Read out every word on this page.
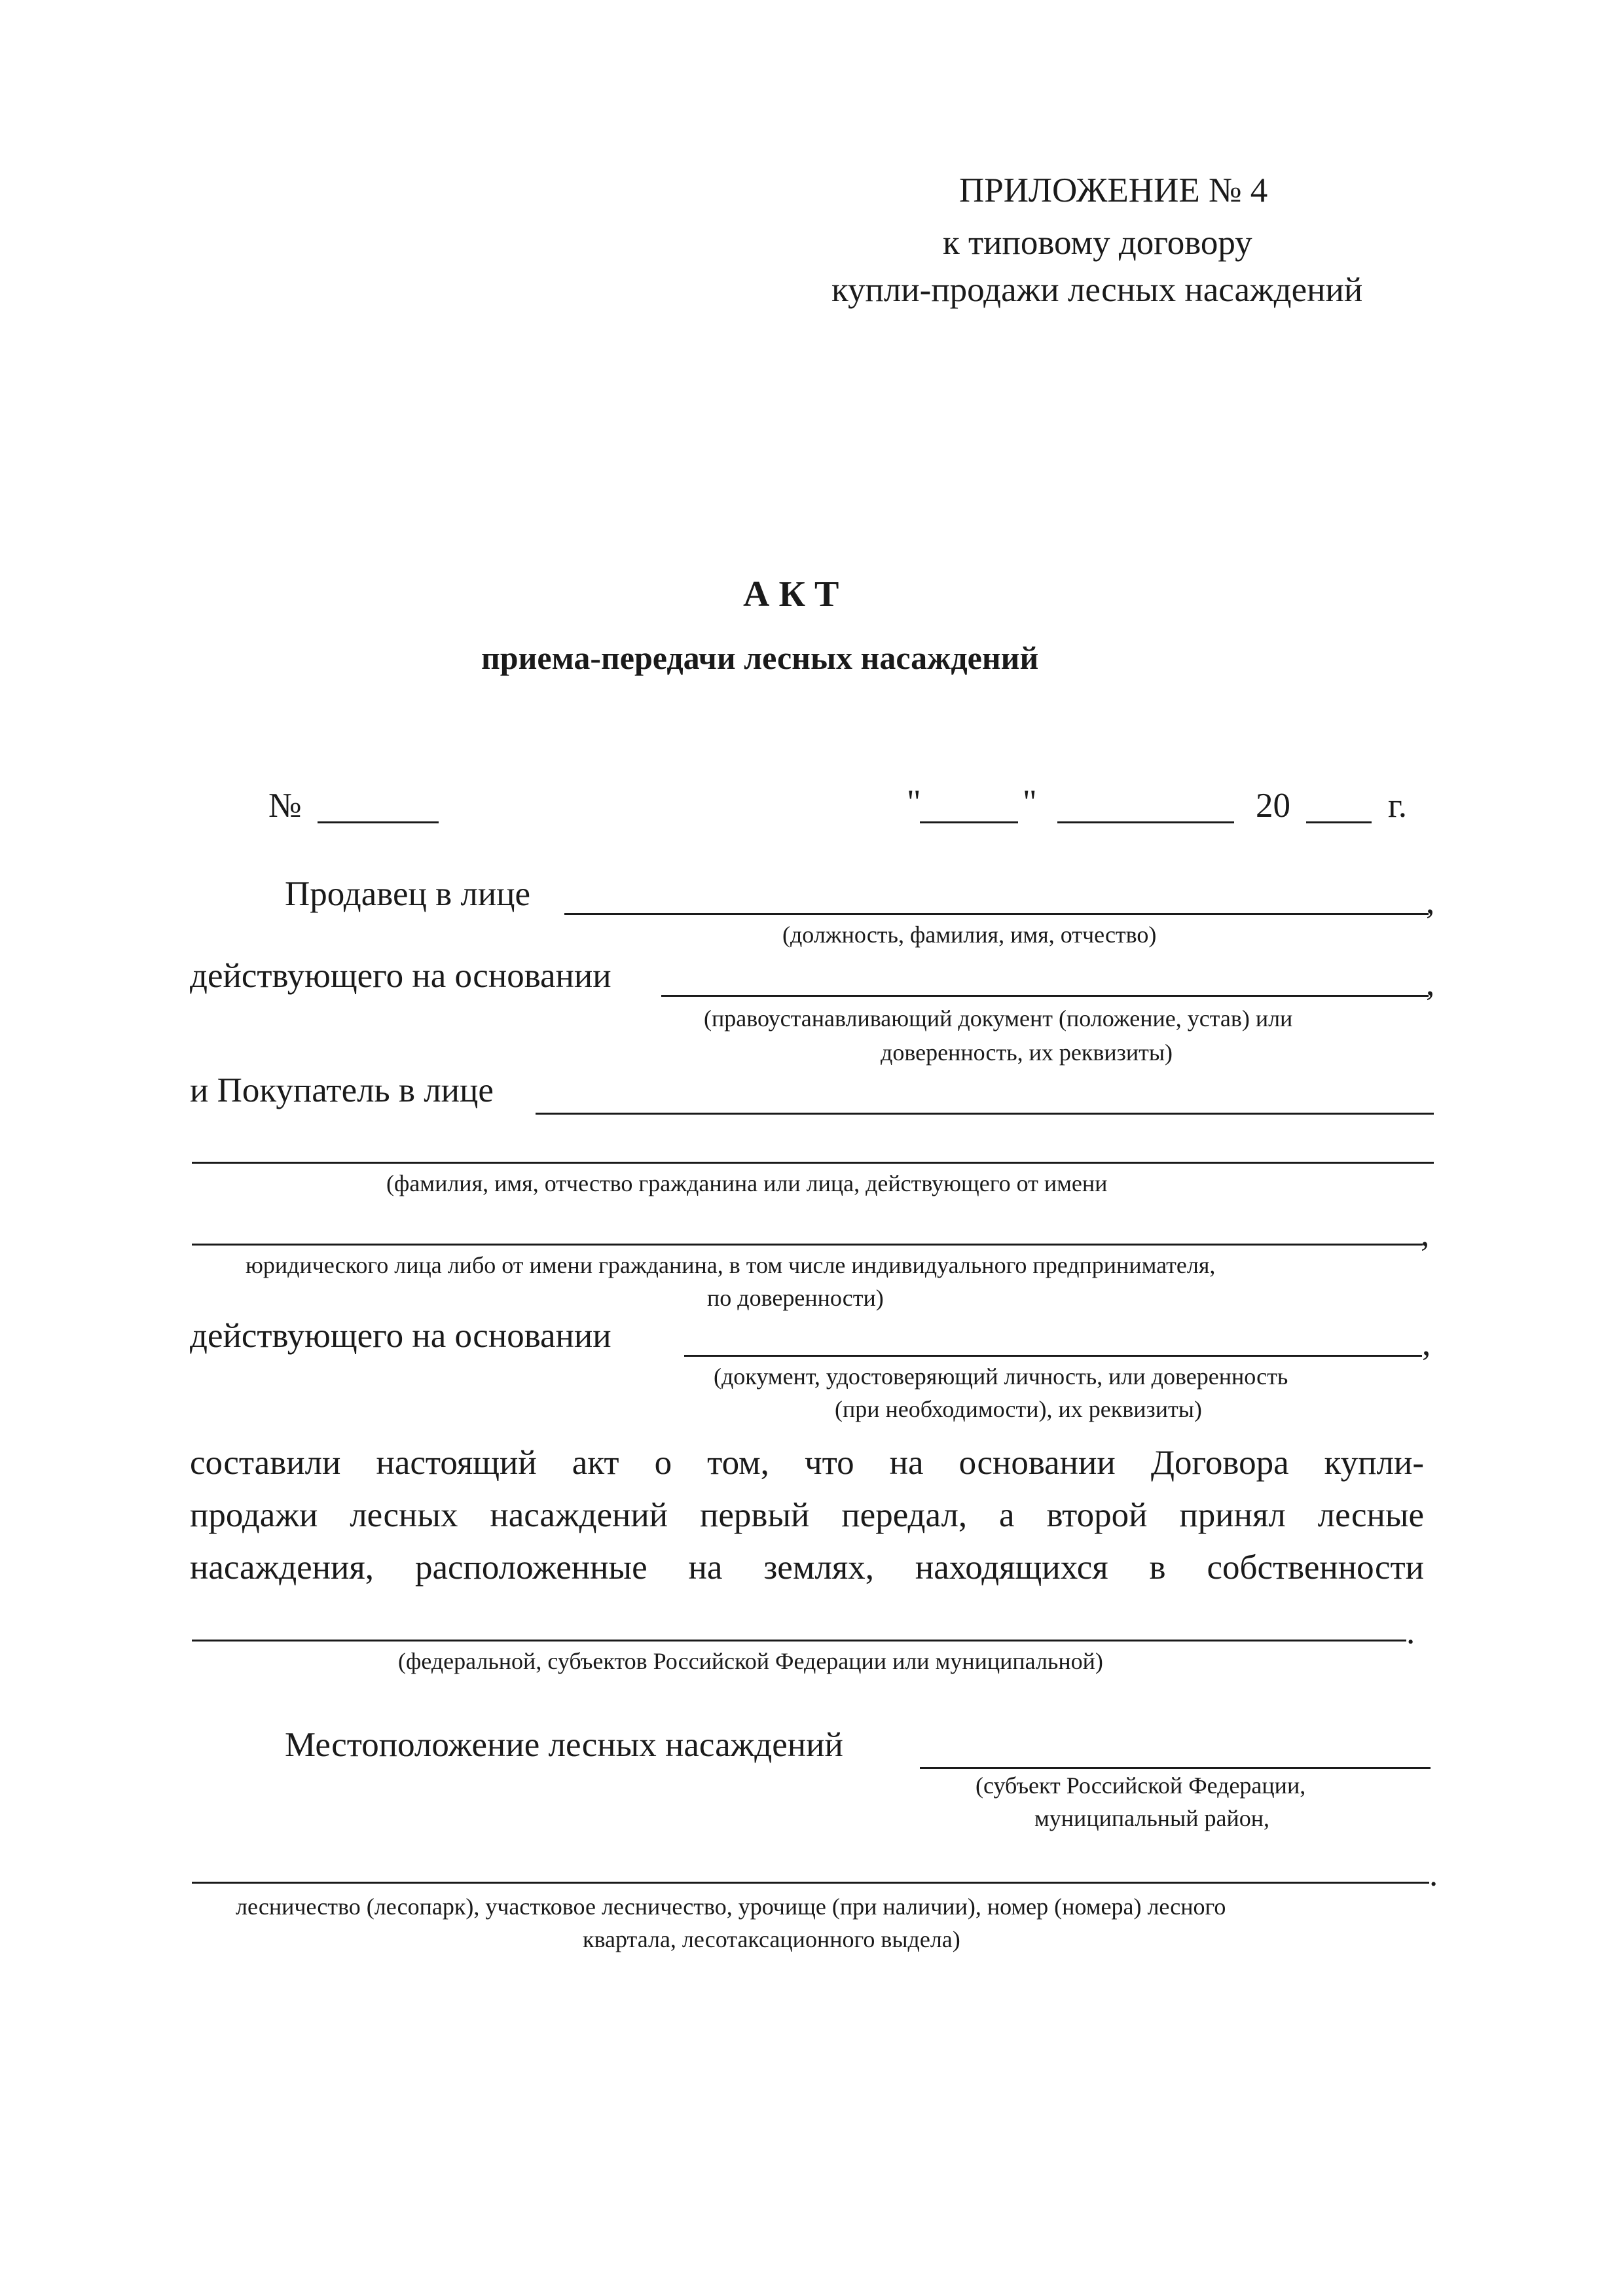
ПРИЛОЖЕНИЕ № 4
к типовому договору
купли-продажи лесных насаждений
А К Т
приема-передачи лесных насаждений
№	"	"	20	г.
Продавец в лице	,
(должность, фамилия, имя, отчество)
действующего на основании	,
(правоустанавливающий документ (положение, устав) или
доверенность, их реквизиты)
и Покупатель в лице
(фамилия, имя, отчество гражданина или лица, действующего от имени
,
юридического лица либо от имени гражданина, в том числе индивидуального предпринимателя,
по доверенности)
действующего на основании	,
(документ, удостоверяющий личность, или доверенность
(при необходимости), их реквизиты)
составили настоящий акт о том, что на основании Договора купли-
продажи лесных насаждений первый передал, а второй принял лесные
насаждения, расположенные на землях, находящихся в собственности
.
(федеральной, субъектов Российской Федерации или муниципальной)
Местоположение лесных насаждений
(субъект Российской Федерации,
муниципальный район,
.
лесничество (лесопарк), участковое лесничество, урочище (при наличии), номер (номера) лесного
квартала, лесотаксационного выдела)
